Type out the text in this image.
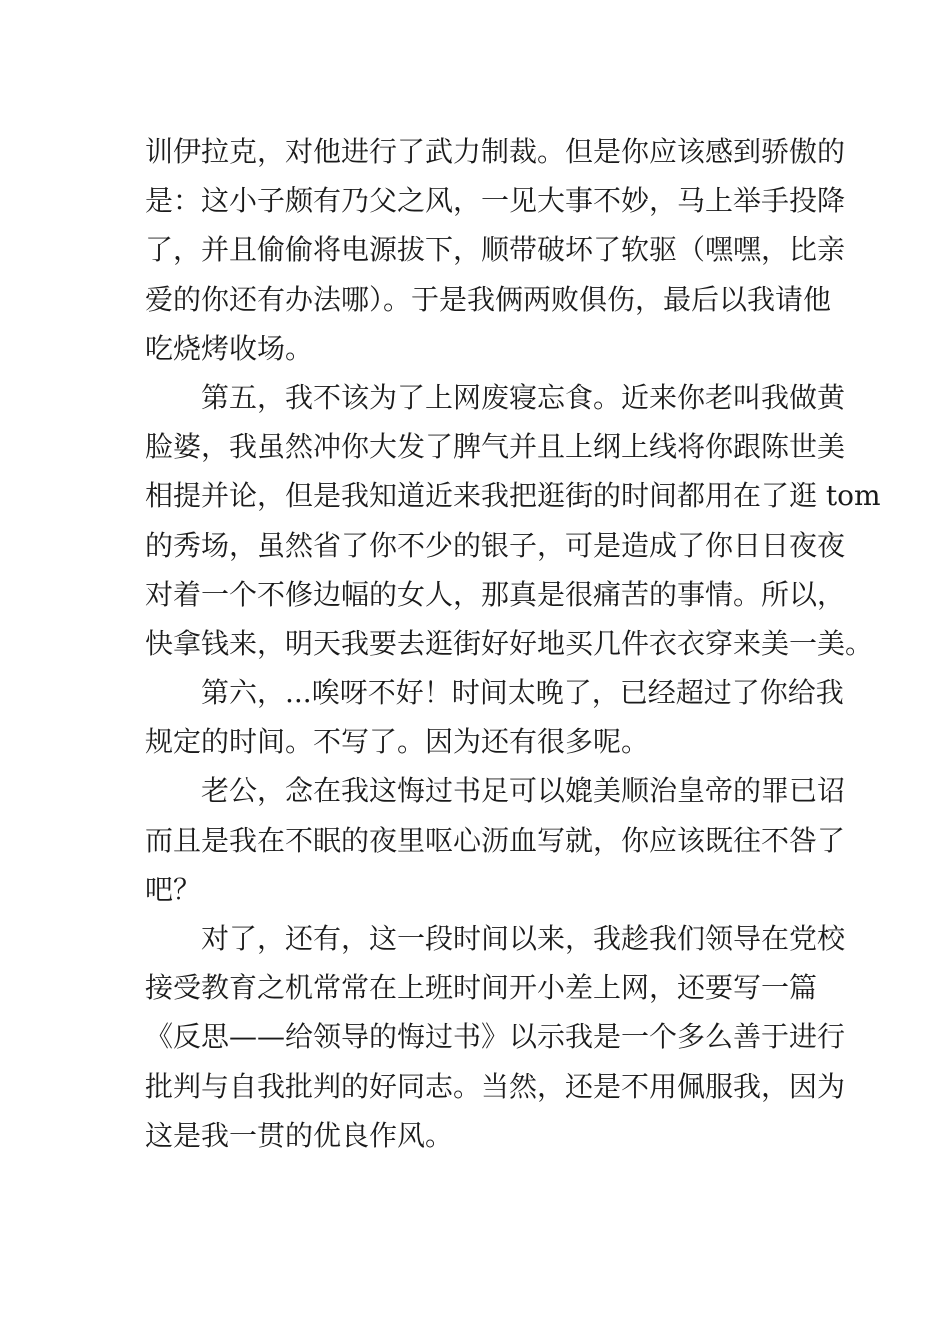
训伊拉克，对他进行了武力制裁。但是你应该感到骄傲的
是：这小子颇有乃父之风，一见大事不妙，马上举手投降
了，并且偷偷将电源拔下，顺带破坏了软驱（嘿嘿，比亲
爱的你还有办法哪）。于是我俩两败俱伤，最后以我请他
吃烧烤收场。
第五，我不该为了上网废寝忘食。近来你老叫我做黄
脸婆，我虽然冲你大发了脾气并且上纲上线将你跟陈世美
相提并论，但是我知道近来我把逛街的时间都用在了逛 tom
的秀场，虽然省了你不少的银子，可是造成了你日日夜夜
对着一个不修边幅的女人，那真是很痛苦的事情。所以，
快拿钱来，明天我要去逛街好好地买几件衣衣穿来美一美。
第六，...唉呀不好！时间太晚了，已经超过了你给我
规定的时间。不写了。因为还有很多呢。
老公，念在我这悔过书足可以媲美顺治皇帝的罪已诏
而且是我在不眠的夜里呕心沥血写就，你应该既往不咎了
吧？
对了，还有，这一段时间以来，我趁我们领导在党校
接受教育之机常常在上班时间开小差上网，还要写一篇
《反思——给领导的悔过书》以示我是一个多么善于进行
批判与自我批判的好同志。当然，还是不用佩服我，因为
这是我一贯的优良作风。
